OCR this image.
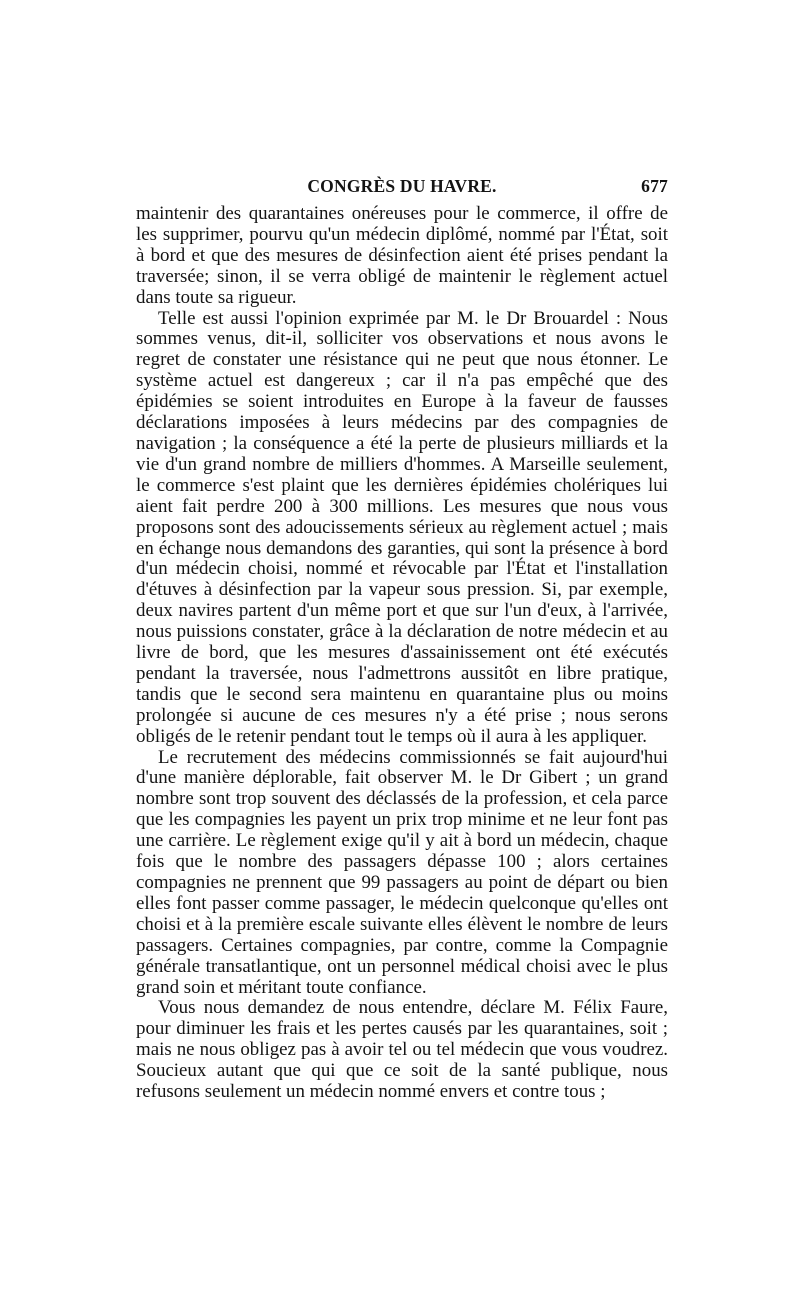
CONGRÈS DU HAVRE.	677

maintenir des quarantaines onéreuses pour le commerce, il offre de les supprimer, pourvu qu'un médecin diplômé, nommé par l'État, soit à bord et que des mesures de désinfection aient été prises pendant la traversée; sinon, il se verra obligé de maintenir le règlement actuel dans toute sa rigueur.

Telle est aussi l'opinion exprimée par M. le Dr Brouardel : Nous sommes venus, dit-il, solliciter vos observations et nous avons le regret de constater une résistance qui ne peut que nous étonner. Le système actuel est dangereux ; car il n'a pas empêché que des épidémies se soient introduites en Europe à la faveur de fausses déclarations imposées à leurs médecins par des compagnies de navigation ; la conséquence a été la perte de plusieurs milliards et la vie d'un grand nombre de milliers d'hommes. A Marseille seulement, le commerce s'est plaint que les dernières épidémies cholériques lui aient fait perdre 200 à 300 millions. Les mesures que nous vous proposons sont des adoucissements sérieux au règlement actuel ; mais en échange nous demandons des garanties, qui sont la présence à bord d'un médecin choisi, nommé et révocable par l'État et l'installation d'étuves à désinfection par la vapeur sous pression. Si, par exemple, deux navires partent d'un même port et que sur l'un d'eux, à l'arrivée, nous puissions constater, grâce à la déclaration de notre médecin et au livre de bord, que les mesures d'assainissement ont été exécutés pendant la traversée, nous l'admettrons aussitôt en libre pratique, tandis que le second sera maintenu en quarantaine plus ou moins prolongée si aucune de ces mesures n'y a été prise ; nous serons obligés de le retenir pendant tout le temps où il aura à les appliquer.

Le recrutement des médecins commissionnés se fait aujourd'hui d'une manière déplorable, fait observer M. le Dr Gibert ; un grand nombre sont trop souvent des déclassés de la profession, et cela parce que les compagnies les payent un prix trop minime et ne leur font pas une carrière. Le règlement exige qu'il y ait à bord un médecin, chaque fois que le nombre des passagers dépasse 100 ; alors certaines compagnies ne prennent que 99 passagers au point de départ ou bien elles font passer comme passager, le médecin quelconque qu'elles ont choisi et à la première escale suivante elles élèvent le nombre de leurs passagers. Certaines compagnies, par contre, comme la Compagnie générale transatlantique, ont un personnel médical choisi avec le plus grand soin et méritant toute confiance.

Vous nous demandez de nous entendre, déclare M. Félix Faure, pour diminuer les frais et les pertes causés par les quarantaines, soit ; mais ne nous obligez pas à avoir tel ou tel médecin que vous voudrez. Soucieux autant que qui que ce soit de la santé publique, nous refusons seulement un médecin nommé envers et contre tous ;
